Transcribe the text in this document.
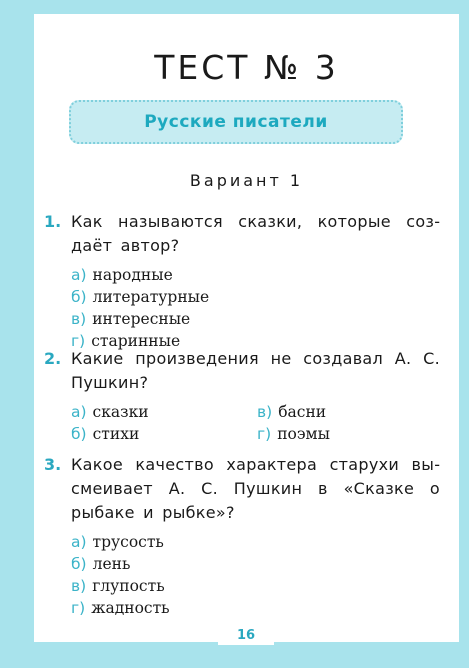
ТЕСТ № 3
Русские писатели
Вариант 1
1. Как называются сказки, которые создаёт автор?
а) народные
б) литературные
в) интересные
г) старинные
2. Какие произведения не создавал А. С. Пушкин?
а) сказки	в) басни
б) стихи	г) поэмы
3. Какое качество характера старухи высмеивает А. С. Пушкин в «Сказке о рыбаке и рыбке»?
а) трусость
б) лень
в) глупость
г) жадность
16
